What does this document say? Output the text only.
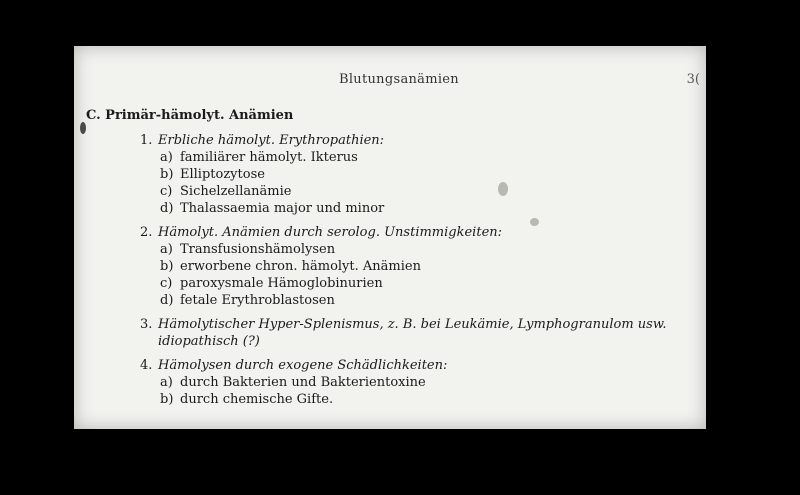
Blutungsanämien	3(
C. Primär-hämolyt. Anämien
1. Erbliche hämolyt. Erythropathien:
a) familiärer hämolyt. Ikterus
b) Elliptozytose
c) Sichelzellanämie
d) Thalassaemia major und minor
2. Hämolyt. Anämien durch serolog. Unstimmigkeiten:
a) Transfusionshämolysen
b) erworbene chron. hämolyt. Anämien
c) paroxysmale Hämoglobinurien
d) fetale Erythroblastosen
3. Hämolytischer Hyper-Splenismus, z. B. bei Leukämie, Lymphogranulom usw.
idiopathisch (?)
4. Hämolysen durch exogene Schädlichkeiten:
a) durch Bakterien und Bakterientoxine
b) durch chemische Gifte.
